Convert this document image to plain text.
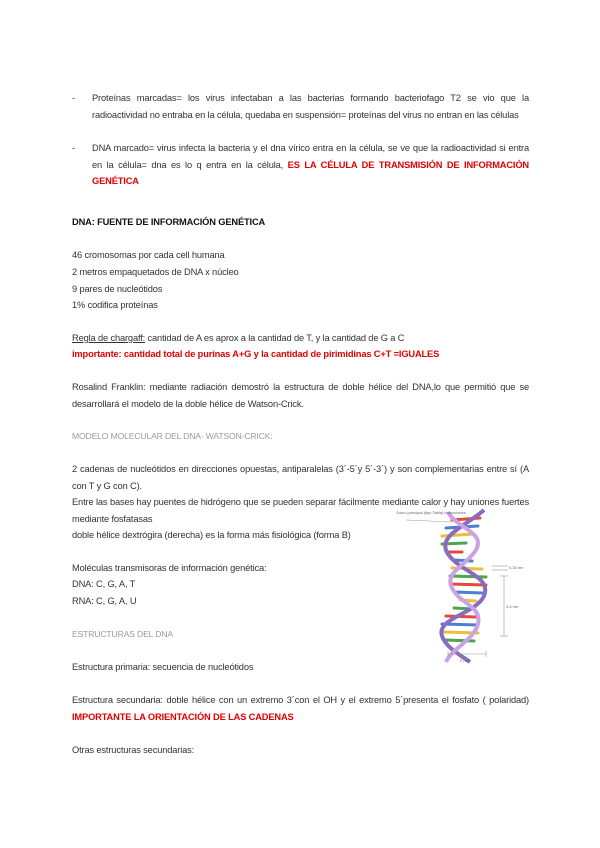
- Proteínas marcadas= los virus infectaban a las bacterias formando bacteriofago T2 se vio que la radioactividad no entraba en la célula, quedaba en suspensión= proteínas del virus no entran en las células
- DNA marcado= virus infecta la bacteria y el dna vírico entra en la célula, se ve que la radioactividad si entra en la célula= dna es lo q entra en la célula, ES LA CÉLULA DE TRANSMISIÓN DE INFORMACIÓN GENÉTICA
DNA: FUENTE DE INFORMACIÓN GENÉTICA
46 cromosomas por cada cell humana
2 metros empaquetados de DNA x núcleo
9 pares de nucleótidos
1% codifica proteínas
Regla de chargaff: cantidad de A es aprox a la cantidad de T, y la cantidad de G a C
importante: cantidad total de purinas A+G y la cantidad de pirimidinas C+T =IGUALES
Rosalind Franklin: mediante radiación demostró la estructura de doble hélice del DNA,lo que permitió que se desarrollará el modelo de la doble hélice de Watson-Crick.
MODELO MOLECULAR DEL DNA- WATSON-CRICK:
2 cadenas de nucleótidos en direcciones opuestas, antiparalelas (3´-5´y 5´-3´) y son complementarias entre sí (A con T y G con C).
Entre las bases hay puentes de hidrógeno que se pueden separar fácilmente mediante calor y hay uniones fuertes mediante fosfatasas
doble hélice dextrógira (derecha) es la forma más fisiológica (forma B)
Moléculas transmisoras de información genética:
DNA: C, G, A, T
RNA: C, G, A, U
ESTRUCTURAS DEL DNA
Estructura primaria: secuencia de nucleótidos
Estructura secundaria: doble hélice con un extremo 3´con el OH y el extremo 5´presenta el fosfato ( polaridad) IMPORTANTE LA ORIENTACIÓN DE LAS CADENAS
Otras estructuras secundarias:
Surco principal (tipo Tabla) Inducciones
0,34 nm
3,4 nm
2 nm
